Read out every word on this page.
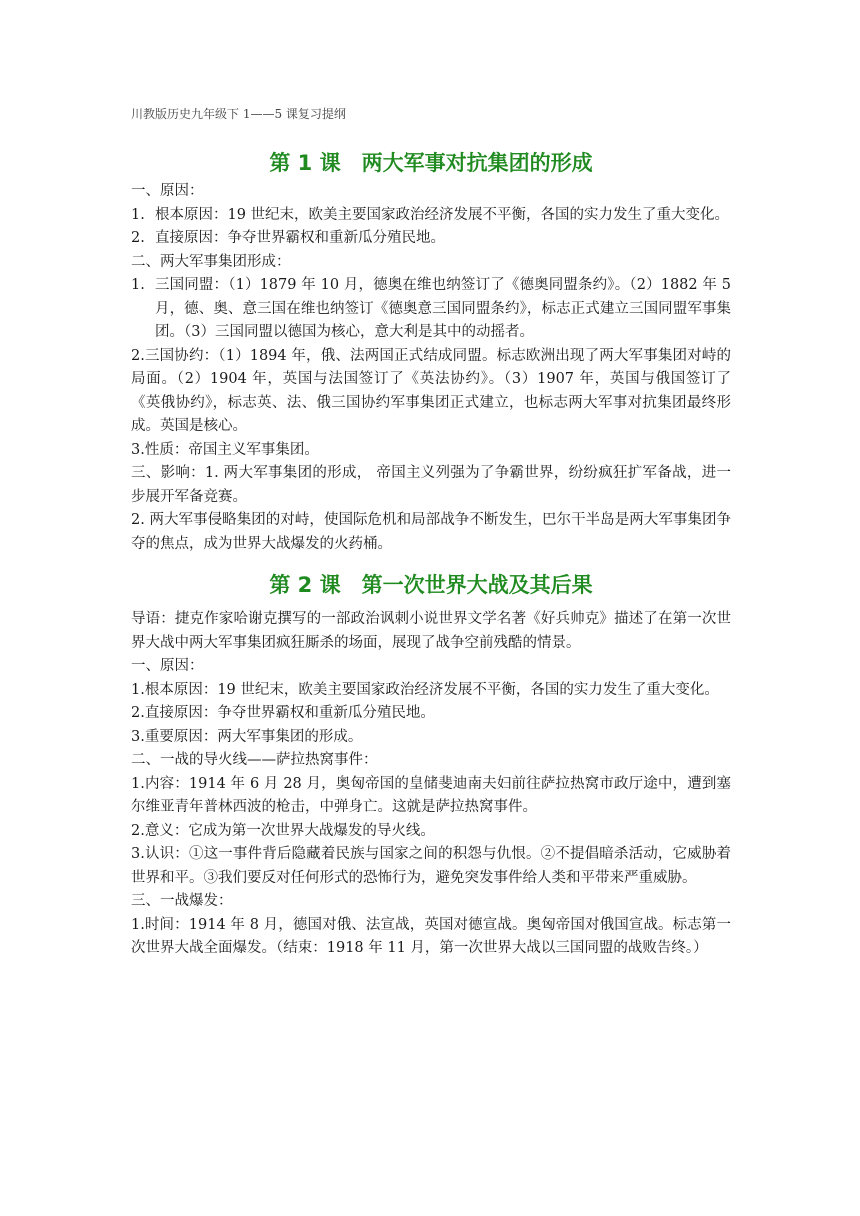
川教版历史九年级下 1——5 课复习提纲
第 1 课　两大军事对抗集团的形成

一、原因：

1. 根本原因：19 世纪末，欧美主要国家政治经济发展不平衡，各国的实力发生了重大变化。

2. 直接原因：争夺世界霸权和重新瓜分殖民地。

二、两大军事集团形成：

1. 三国同盟：（1）1879 年 10 月，德奥在维也纳签订了《德奥同盟条约》。（2）1882 年 5 月，德、奥、意三国在维也纳签订《德奥意三国同盟条约》，标志正式建立三国同盟军事集团。（3）三国同盟以德国为核心，意大利是其中的动摇者。

2.三国协约：（1）1894 年，俄、法两国正式结成同盟。标志欧洲出现了两大军事集团对峙的局面。（2）1904 年，英国与法国签订了《英法协约》。（3）1907 年，英国与俄国签订了《英俄协约》，标志英、法、俄三国协约军事集团正式建立，也标志两大军事对抗集团最终形成。英国是核心。

3.性质：帝国主义军事集团。

三、影响：1. 两大军事集团的形成， 帝国主义列强为了争霸世界，纷纷疯狂扩军备战，进一步展开军备竞赛。

2. 两大军事侵略集团的对峙，使国际危机和局部战争不断发生，巴尔干半岛是两大军事集团争夺的焦点，成为世界大战爆发的火药桶。

第 2 课　第一次世界大战及其后果

导语：捷克作家哈谢克撰写的一部政治讽刺小说世界文学名著《好兵帅克》描述了在第一次世界大战中两大军事集团疯狂厮杀的场面，展现了战争空前残酷的情景。

一、原因：

1.根本原因：19 世纪末，欧美主要国家政治经济发展不平衡，各国的实力发生了重大变化。

2.直接原因：争夺世界霸权和重新瓜分殖民地。

3.重要原因：两大军事集团的形成。

二、一战的导火线——萨拉热窝事件：

1.内容：1914 年 6 月 28 月，奥匈帝国的皇储斐迪南夫妇前往萨拉热窝市政厅途中，遭到塞尔维亚青年普林西波的枪击，中弹身亡。这就是萨拉热窝事件。

2.意义：它成为第一次世界大战爆发的导火线。

3.认识：①这一事件背后隐藏着民族与国家之间的积怨与仇恨。②不提倡暗杀活动，它威胁着世界和平。③我们要反对任何形式的恐怖行为，避免突发事件给人类和平带来严重威胁。

三、一战爆发：

1.时间：1914 年 8 月，德国对俄、法宣战，英国对德宣战。奥匈帝国对俄国宣战。标志第一次世界大战全面爆发。（结束：1918 年 11 月，第一次世界大战以三国同盟的战败告终。）
